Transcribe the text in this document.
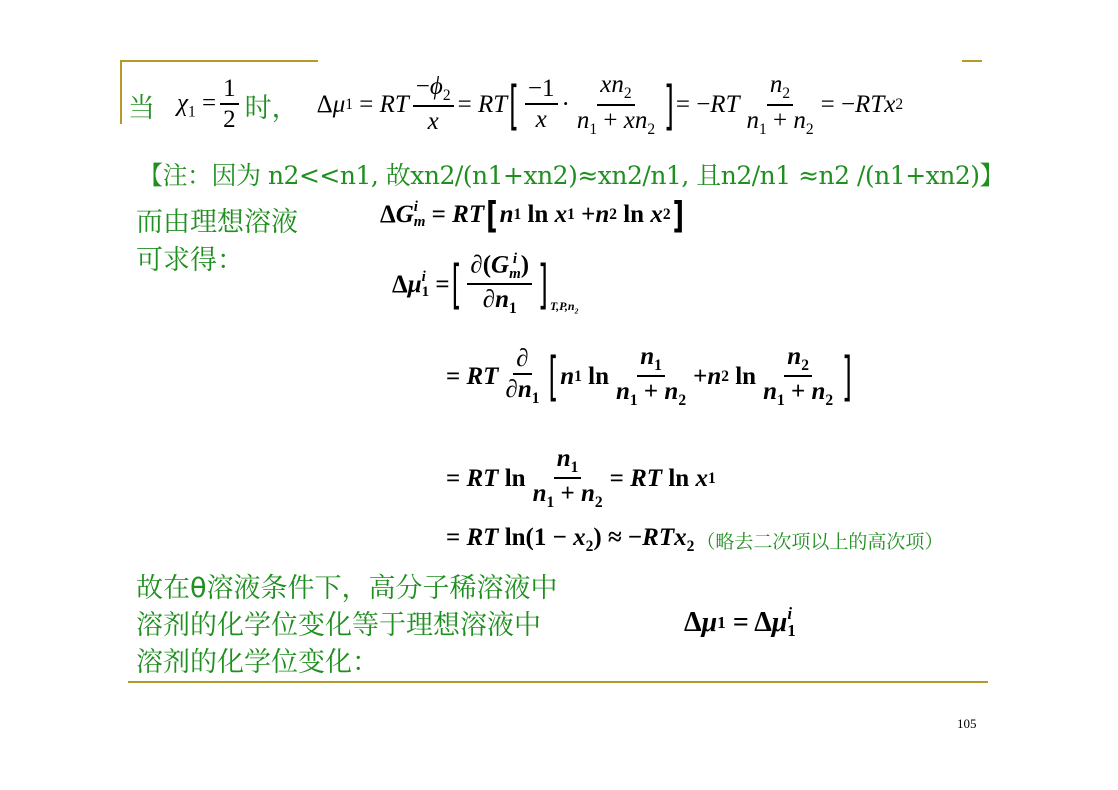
当 $\chi_1 = \frac{1}{2}$ 时， Δ μ 1 = RT $\frac{-\phi_2}{x}$ = RT [ $\frac{-1}{x} \cdot \frac{xn_2}{n_1 + xn_2}$ ] = − RT $\frac{n_2}{n_1 + n_2}$ = − RTx 2
【注：因为 n2<<n1, 故xn2/(n1+xn2)≈xn2/n1, 且n2/n1 ≈n2 /(n1+xn2)】
而由理想溶液
可求得：
Δ G i
m = RT [ n 1 ln x 1 + n 2 ln x 2 ]
Δ μ i
1 = [ ∂(G i
m )
$\partial n_1$ ] $T,P,n_2$
= RT $\frac{\partial}{\partial n_1}$ [ n 1 $\ln \frac{n_1}{n_1 + n_2} + n$ 2 $\ln \frac{n_2}{n_1 + n_2}$ ]
= RT $\ln \frac{n_1}{n_1 + n_2}$ = RT ln x 1
= RT $\ln(1 - x_2) \approx -RTx_2$ （略去二次项以上的高次项）
故在θ溶液条件下，高分子稀溶液中
溶剂的化学位变化等于理想溶液中
溶剂的化学位变化：
Δ μ 1 = Δ μ i
1
105
